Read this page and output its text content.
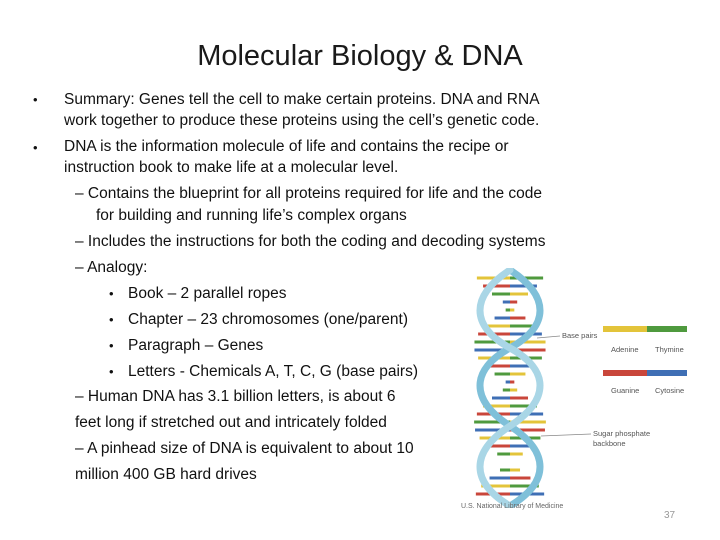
Molecular Biology & DNA
• Summary: Genes tell the cell to make certain proteins. DNA and RNA
work together to produce these proteins using the cell’s genetic code.
• DNA is the information molecule of life and contains the recipe or
instruction book to make life at a molecular level.
– Contains the blueprint for all proteins required for life and the code
for building and running life’s complex organs
– Includes the instructions for both the coding and decoding systems
– Analogy:
• Book – 2 parallel ropes
• Chapter – 23 chromosomes (one/parent)
• Paragraph – Genes
• Letters - Chemicals A, T, C, G (base pairs)
– Human DNA has 3.1 billion letters, is about 6
feet long if stretched out and intricately folded
– A pinhead size of DNA is equivalent to about 10
million 400 GB hard drives
Base pairs
Adenine Thymine
Guanine Cytosine
Sugar phosphate
backbone
U.S. National Library of Medicine
37
